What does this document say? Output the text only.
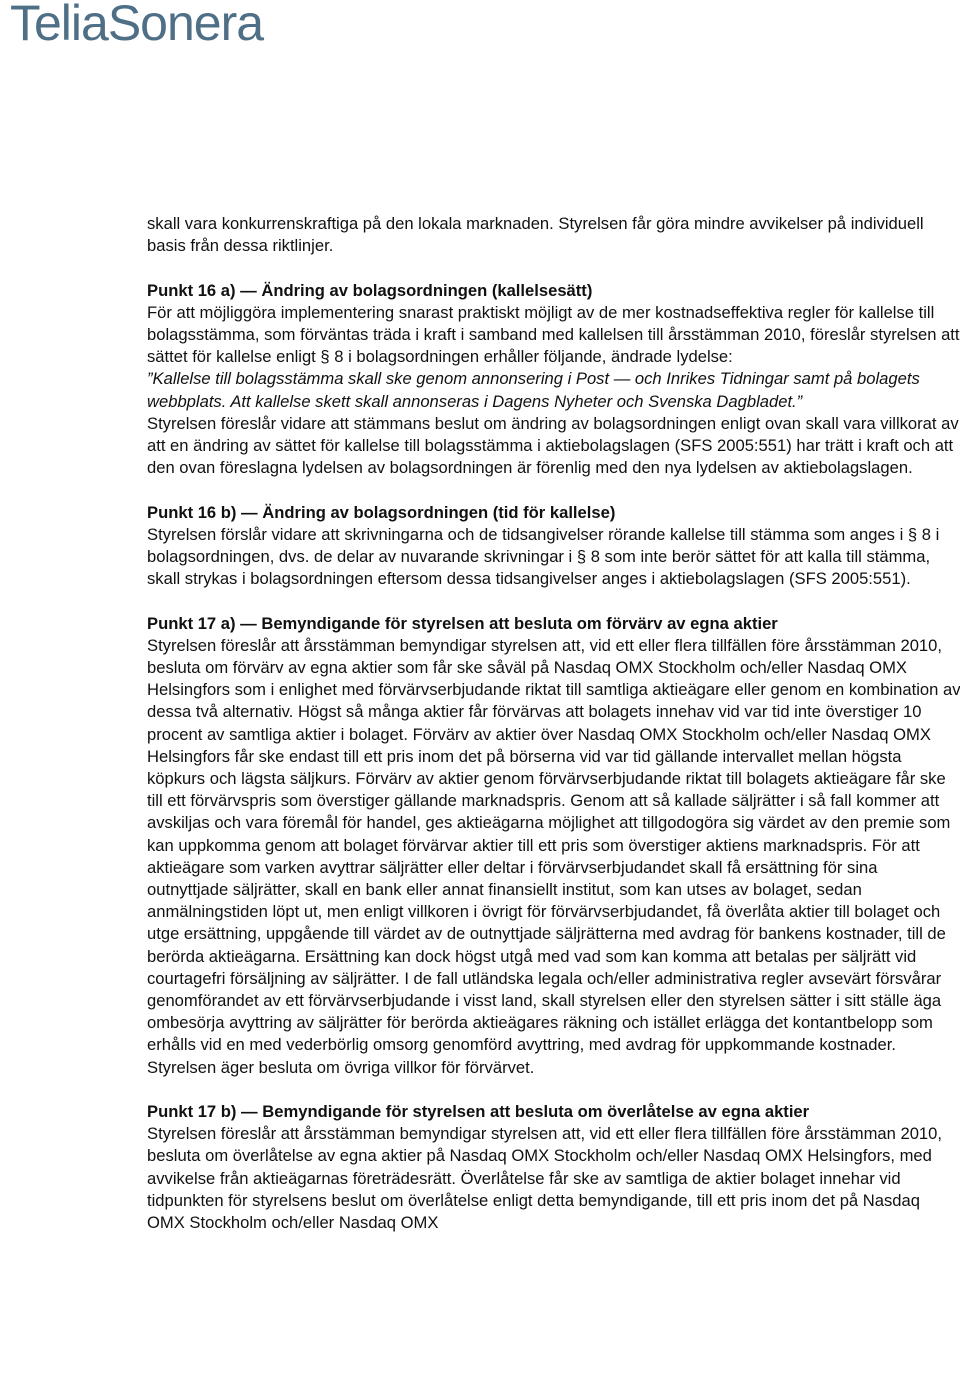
TeliaSonera

skall vara konkurrenskraftiga på den lokala marknaden. Styrelsen får göra mindre avvikelser på individuell basis från dessa riktlinjer.

Punkt 16 a) — Ändring av bolagsordningen (kallelsesätt)

För att möjliggöra implementering snarast praktiskt möjligt av de mer kostnadseffektiva regler för kallelse till bolagsstämma, som förväntas träda i kraft i samband med kallelsen till årsstämman 2010, föreslår styrelsen att sättet för kallelse enligt § 8 i bolagsordningen erhåller följande, ändrade lydelse:

”Kallelse till bolagsstämma skall ske genom annonsering i Post — och Inrikes Tidningar samt på bolagets webbplats. Att kallelse skett skall annonseras i Dagens Nyheter och Svenska Dagbladet.”

Styrelsen föreslår vidare att stämmans beslut om ändring av bolagsordningen enligt ovan skall vara villkorat av att en ändring av sättet för kallelse till bolagsstämma i aktiebolagslagen (SFS 2005:551) har trätt i kraft och att den ovan föreslagna lydelsen av bolagsordningen är förenlig med den nya lydelsen av aktiebolagslagen.

Punkt 16 b) — Ändring av bolagsordningen (tid för kallelse)

Styrelsen förslår vidare att skrivningarna och de tidsangivelser rörande kallelse till stämma som anges i § 8 i bolagsordningen, dvs. de delar av nuvarande skrivningar i § 8 som inte berör sättet för att kalla till stämma, skall strykas i bolagsordningen eftersom dessa tidsangivelser anges i aktiebolagslagen (SFS 2005:551).

Punkt 17 a) — Bemyndigande för styrelsen att besluta om förvärv av egna aktier

Styrelsen föreslår att årsstämman bemyndigar styrelsen att, vid ett eller flera tillfällen före årsstämman 2010, besluta om förvärv av egna aktier som får ske såväl på Nasdaq OMX Stockholm och/eller Nasdaq OMX Helsingfors som i enlighet med förvärvserbjudande riktat till samtliga aktieägare eller genom en kombination av dessa två alternativ. Högst så många aktier får förvärvas att bolagets innehav vid var tid inte överstiger 10 procent av samtliga aktier i bolaget. Förvärv av aktier över Nasdaq OMX Stockholm och/eller Nasdaq OMX Helsingfors får ske endast till ett pris inom det på börserna vid var tid gällande intervallet mellan högsta köpkurs och lägsta säljkurs. Förvärv av aktier genom förvärvserbjudande riktat till bolagets aktieägare får ske till ett förvärvspris som överstiger gällande marknadspris. Genom att så kallade säljrätter i så fall kommer att avskiljas och vara föremål för handel, ges aktieägarna möjlighet att tillgodogöra sig värdet av den premie som kan uppkomma genom att bolaget förvärvar aktier till ett pris som överstiger aktiens marknadspris. För att aktieägare som varken avyttrar säljrätter eller deltar i förvärvserbjudandet skall få ersättning för sina outnyttjade säljrätter, skall en bank eller annat finansiellt institut, som kan utses av bolaget, sedan anmälningstiden löpt ut, men enligt villkoren i övrigt för förvärvserbjudandet, få överlåta aktier till bolaget och utge ersättning, uppgående till värdet av de outnyttjade säljrätterna med avdrag för bankens kostnader, till de berörda aktieägarna. Ersättning kan dock högst utgå med vad som kan komma att betalas per säljrätt vid courtagefri försäljning av säljrätter. I de fall utländska legala och/eller administrativa regler avsevärt försvårar genomförandet av ett förvärvserbjudande i visst land, skall styrelsen eller den styrelsen sätter i sitt ställe äga ombesörja avyttring av säljrätter för berörda aktieägares räkning och istället erlägga det kontantbelopp som erhålls vid en med vederbörlig omsorg genomförd avyttring, med avdrag för uppkommande kostnader. Styrelsen äger besluta om övriga villkor för förvärvet.

Punkt 17 b) — Bemyndigande för styrelsen att besluta om överlåtelse av egna aktier

Styrelsen föreslår att årsstämman bemyndigar styrelsen att, vid ett eller flera tillfällen före årsstämman 2010, besluta om överlåtelse av egna aktier på Nasdaq OMX Stockholm och/eller Nasdaq OMX Helsingfors, med avvikelse från aktieägarnas företrädesrätt. Överlåtelse får ske av samtliga de aktier bolaget innehar vid tidpunkten för styrelsens beslut om överlåtelse enligt detta bemyndigande, till ett pris inom det på Nasdaq OMX Stockholm och/eller Nasdaq OMX
